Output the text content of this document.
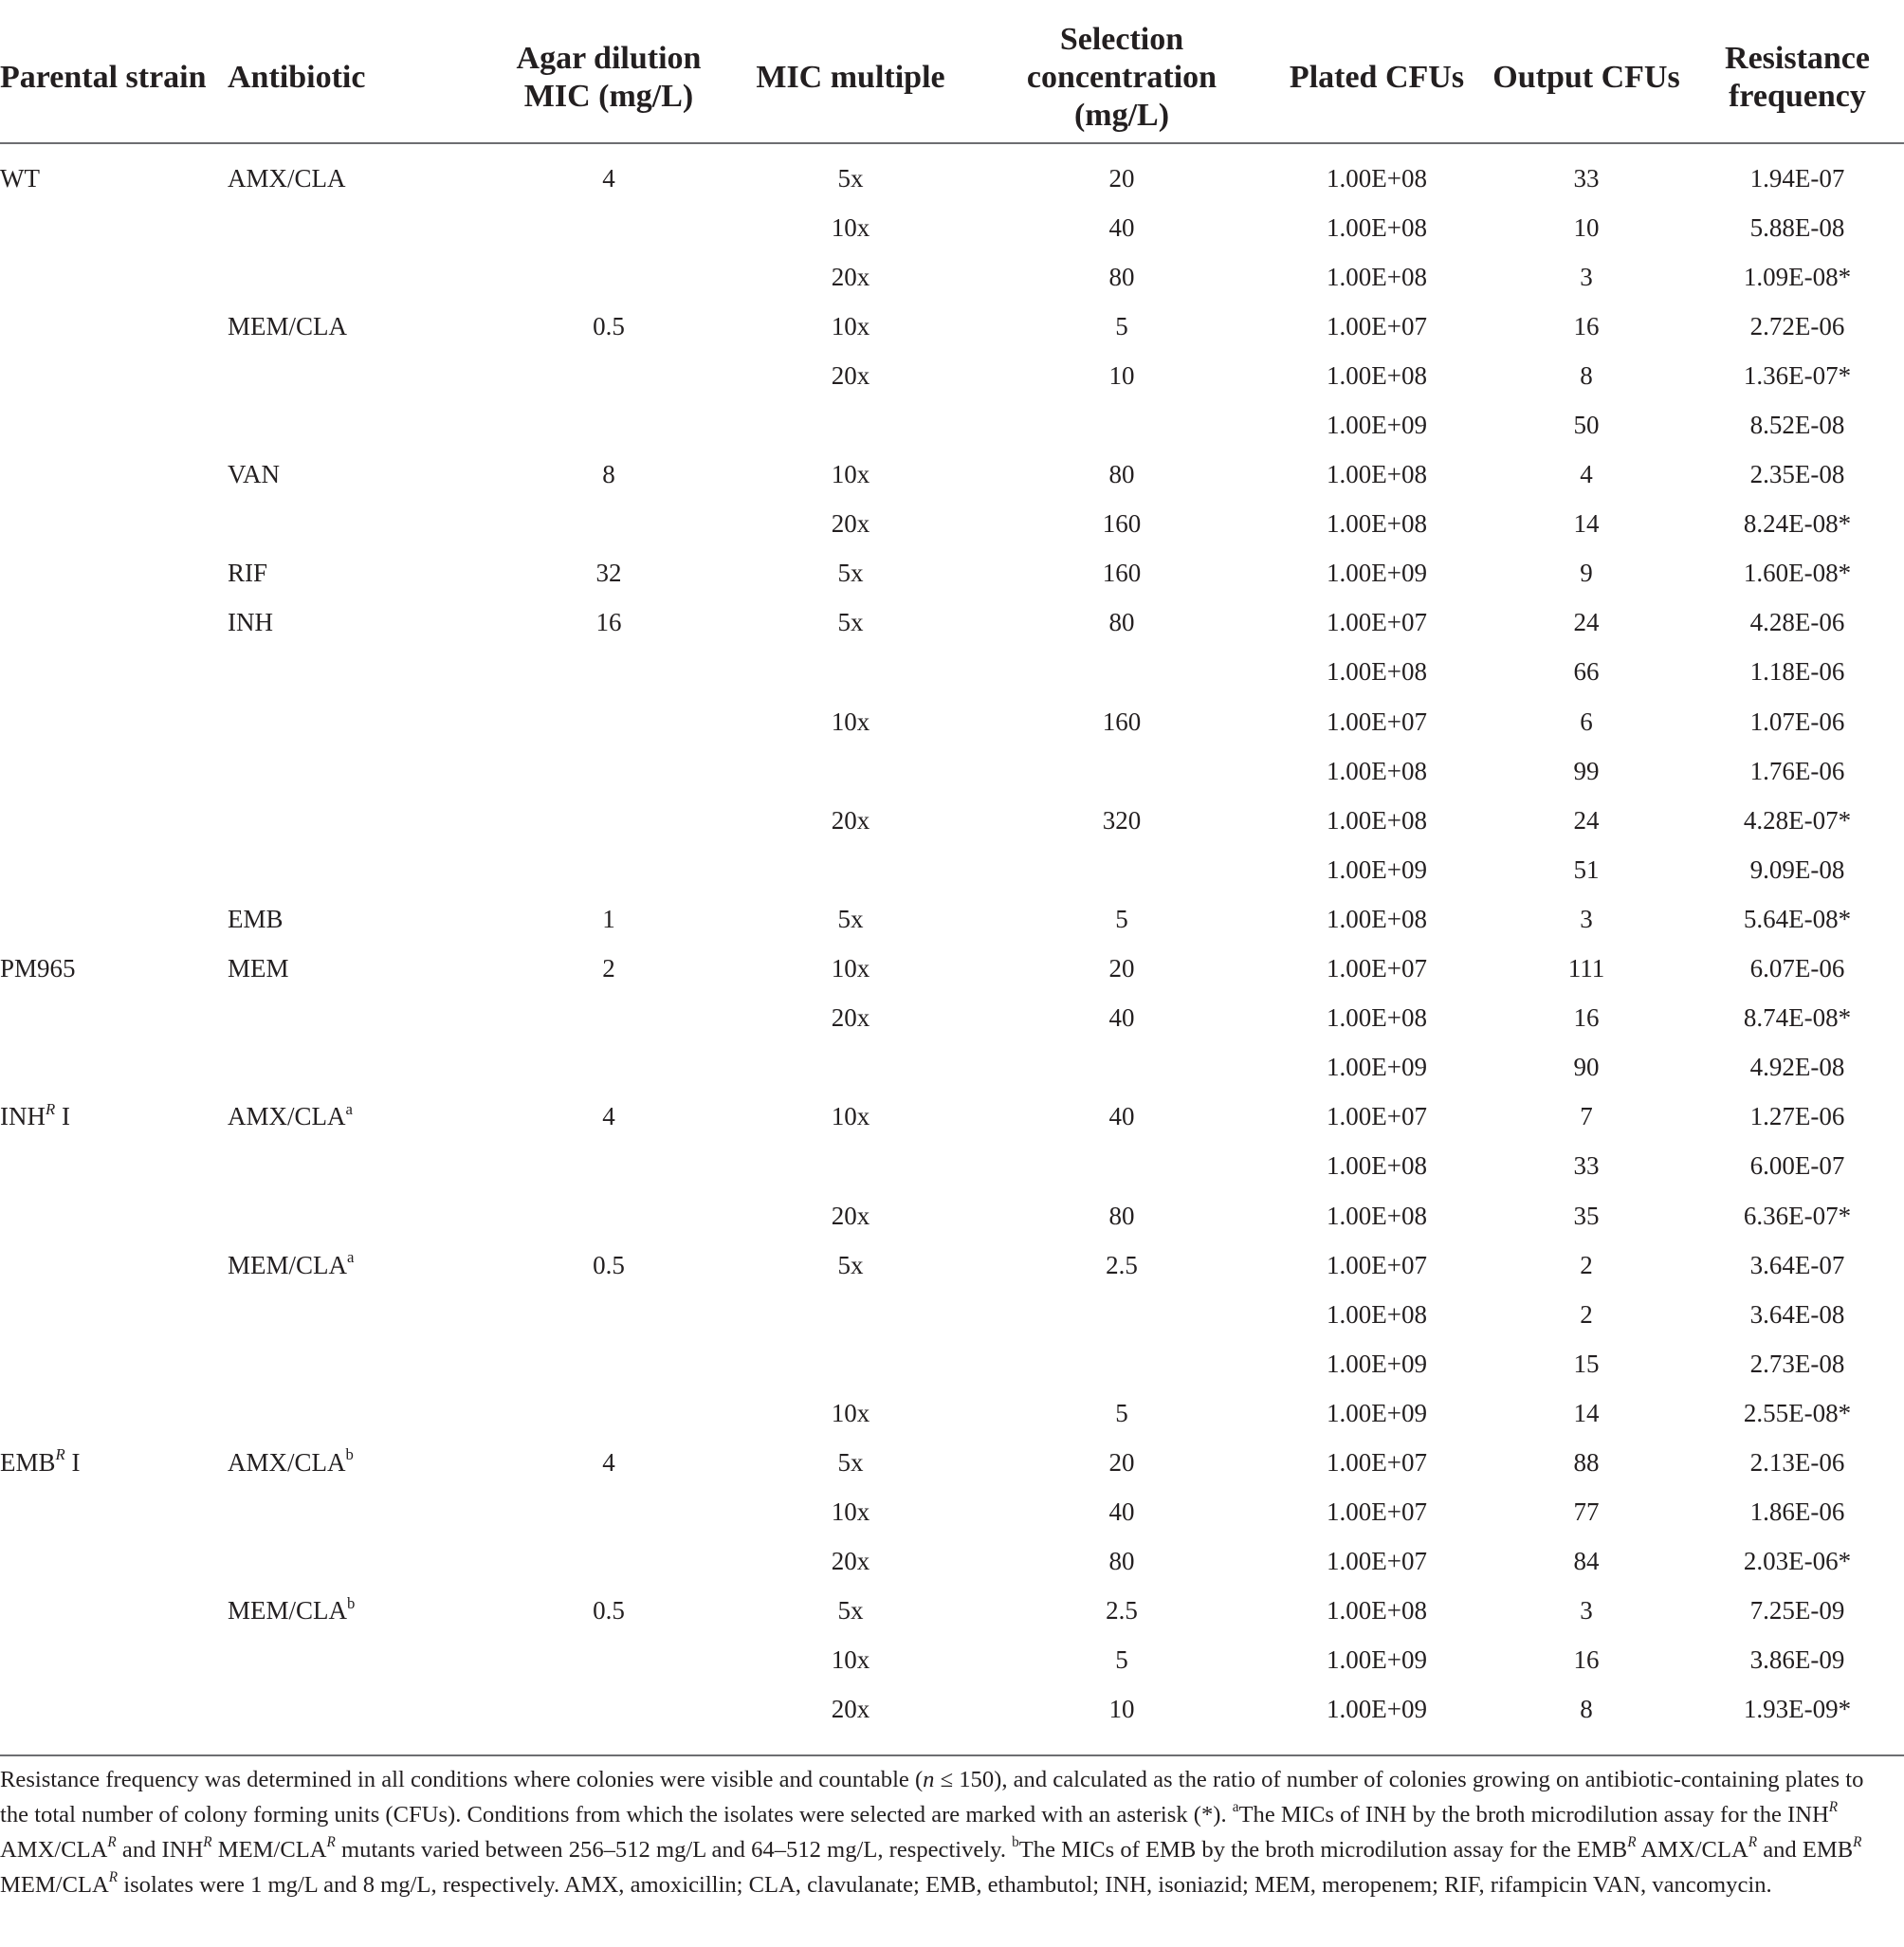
Parental strain	Antibiotic	Agar dilution MIC (mg/L)	MIC multiple	Selection concentration (mg/L)	Plated CFUs	Output CFUs	Resistance frequency
WT	AMX/CLA	4	5x	20	1.00E+08	33	1.94E-07
			10x	40	1.00E+08	10	5.88E-08
			20x	80	1.00E+08	3	1.09E-08*
	MEM/CLA	0.5	10x	5	1.00E+07	16	2.72E-06
			20x	10	1.00E+08	8	1.36E-07*
					1.00E+09	50	8.52E-08
	VAN	8	10x	80	1.00E+08	4	2.35E-08
			20x	160	1.00E+08	14	8.24E-08*
	RIF	32	5x	160	1.00E+09	9	1.60E-08*
	INH	16	5x	80	1.00E+07	24	4.28E-06
					1.00E+08	66	1.18E-06
			10x	160	1.00E+07	6	1.07E-06
					1.00E+08	99	1.76E-06
			20x	320	1.00E+08	24	4.28E-07*
					1.00E+09	51	9.09E-08
	EMB	1	5x	5	1.00E+08	3	5.64E-08*
PM965	MEM	2	10x	20	1.00E+07	111	6.07E-06
			20x	40	1.00E+08	16	8.74E-08*
					1.00E+09	90	4.92E-08
$INH^R$ I	AMX/CLA$^a$	4	10x	40	1.00E+07	7	1.27E-06
					1.00E+08	33	6.00E-07
			20x	80	1.00E+08	35	6.36E-07*
	MEM/CLA$^a$	0.5	5x	2.5	1.00E+07	2	3.64E-07
					1.00E+08	2	3.64E-08
					1.00E+09	15	2.73E-08
			10x	5	1.00E+09	14	2.55E-08*
$EMB^R$ I	AMX/CLA$^b$	4	5x	20	1.00E+07	88	2.13E-06
			10x	40	1.00E+07	77	1.86E-06
			20x	80	1.00E+07	84	2.03E-06*
	MEM/CLA$^b$	0.5	5x	2.5	1.00E+08	3	7.25E-09
			10x	5	1.00E+09	16	3.86E-09
			20x	10	1.00E+09	8	1.93E-09*

Resistance frequency was determined in all conditions where colonies were visible and countable (n ≤ 150), and calculated as the ratio of number of colonies growing on antibiotic-containing plates to the total number of colony forming units (CFUs). Conditions from which the isolates were selected are marked with an asterisk (*). $^a$The MICs of INH by the broth microdilution assay for the $INH^R$ AMX/$CLA^R$ and $INH^R$ MEM/$CLA^R$ mutants varied between 256–512 mg/L and 64–512 mg/L, respectively. $^b$The MICs of EMB by the broth microdilution assay for the $EMB^R$ AMX/$CLA^R$ and $EMB^R$ MEM/$CLA^R$ isolates were 1 mg/L and 8 mg/L, respectively. AMX, amoxicillin; CLA, clavulanate; EMB, ethambutol; INH, isoniazid; MEM, meropenem; RIF, rifampicin VAN, vancomycin.
